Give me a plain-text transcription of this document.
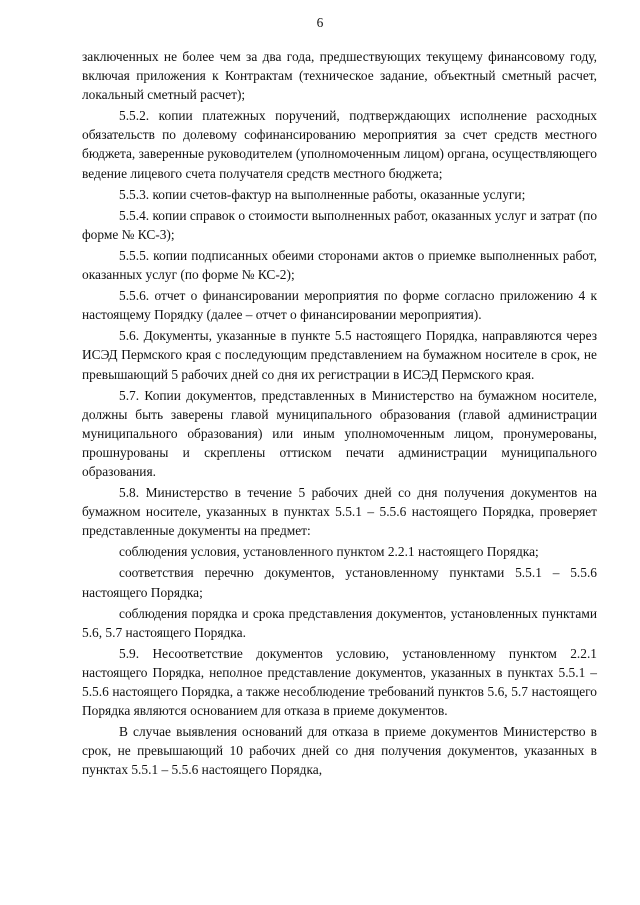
6

заключенных не более чем за два года, предшествующих текущему финансовому году, включая приложения к Контрактам (техническое задание, объектный сметный расчет, локальный сметный расчет);

5.5.2. копии платежных поручений, подтверждающих исполнение расходных обязательств по долевому софинансированию мероприятия за счет средств местного бюджета, заверенные руководителем (уполномоченным лицом) органа, осуществляющего ведение лицевого счета получателя средств местного бюджета;

5.5.3. копии счетов-фактур на выполненные работы, оказанные услуги;

5.5.4. копии справок о стоимости выполненных работ, оказанных услуг и затрат (по форме № КС-3);

5.5.5. копии подписанных обеими сторонами актов о приемке выполненных работ, оказанных услуг (по форме № КС-2);

5.5.6. отчет о финансировании мероприятия по форме согласно приложению 4 к настоящему Порядку (далее – отчет о финансировании мероприятия).

5.6. Документы, указанные в пункте 5.5 настоящего Порядка, направляются через ИСЭД Пермского края с последующим представлением на бумажном носителе в срок, не превышающий 5 рабочих дней со дня их регистрации в ИСЭД Пермского края.

5.7. Копии документов, представленных в Министерство на бумажном носителе, должны быть заверены главой муниципального образования (главой администрации муниципального образования) или иным уполномоченным лицом, пронумерованы, прошнурованы и скреплены оттиском печати администрации муниципального образования.

5.8. Министерство в течение 5 рабочих дней со дня получения документов на бумажном носителе, указанных в пунктах 5.5.1 – 5.5.6 настоящего Порядка, проверяет представленные документы на предмет:

соблюдения условия, установленного пунктом 2.2.1 настоящего Порядка;

соответствия перечню документов, установленному пунктами 5.5.1 – 5.5.6 настоящего Порядка;

соблюдения порядка и срока представления документов, установленных пунктами 5.6, 5.7 настоящего Порядка.

5.9. Несоответствие документов условию, установленному пунктом 2.2.1 настоящего Порядка, неполное представление документов, указанных в пунктах 5.5.1 – 5.5.6 настоящего Порядка, а также несоблюдение требований пунктов 5.6, 5.7 настоящего Порядка являются основанием для отказа в приеме документов.

В случае выявления оснований для отказа в приеме документов Министерство в срок, не превышающий 10 рабочих дней со дня получения документов, указанных в пунктах 5.5.1 – 5.5.6 настоящего Порядка,
